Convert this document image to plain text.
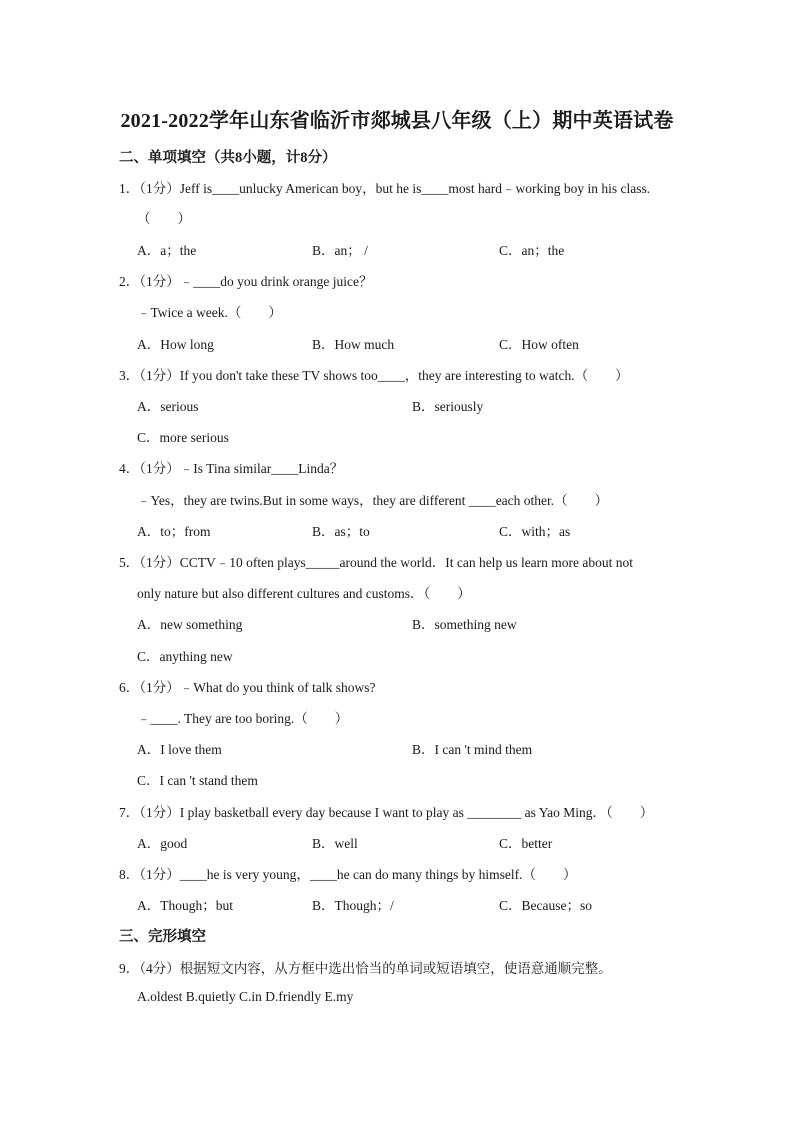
2021-2022学年山东省临沂市郯城县八年级（上）期中英语试卷
二、单项填空（共8小题，计8分）
1．（1分）Jeff is____unlucky American boy，but he is____most hard﹣working boy in his class.
（　　）
A．a；the	B．an； /	C．an；the
2．（1分）﹣____do you drink orange juice？
﹣Twice a week.（　　）
A．How long	B．How much	C．How often
3．（1分）If you don't take these TV shows too____，they are interesting to watch.（　　）
A．serious	B．seriously
C．more serious
4．（1分）﹣Is Tina similar____Linda？
﹣Yes，they are twins.But in some ways，they are different ____each other.（　　）
A．to；from	B．as；to	C．with；as
5．（1分）CCTV﹣10 often plays_____around the world．It can help us learn more about not
only nature but also different cultures and customs．（　　）
A．new something	B．something new
C．anything new
6．（1分）﹣What do you think of talk shows?
﹣____. They are too boring.（　　）
A．I love them	B．I can 't mind them
C．I can 't stand them
7．（1分）I play basketball every day because I want to play as ________ as Yao Ming．（　　）
A．good	B．well	C．better
8．（1分）____he is very young，____he can do many things by himself.（　　）
A．Though；but	B．Though；/	C．Because；so
三、完形填空
9．（4分）根据短文内容，从方框中选出恰当的单词或短语填空，使语意通顺完整。
A.oldest B.quietly C.in D.friendly E.my
